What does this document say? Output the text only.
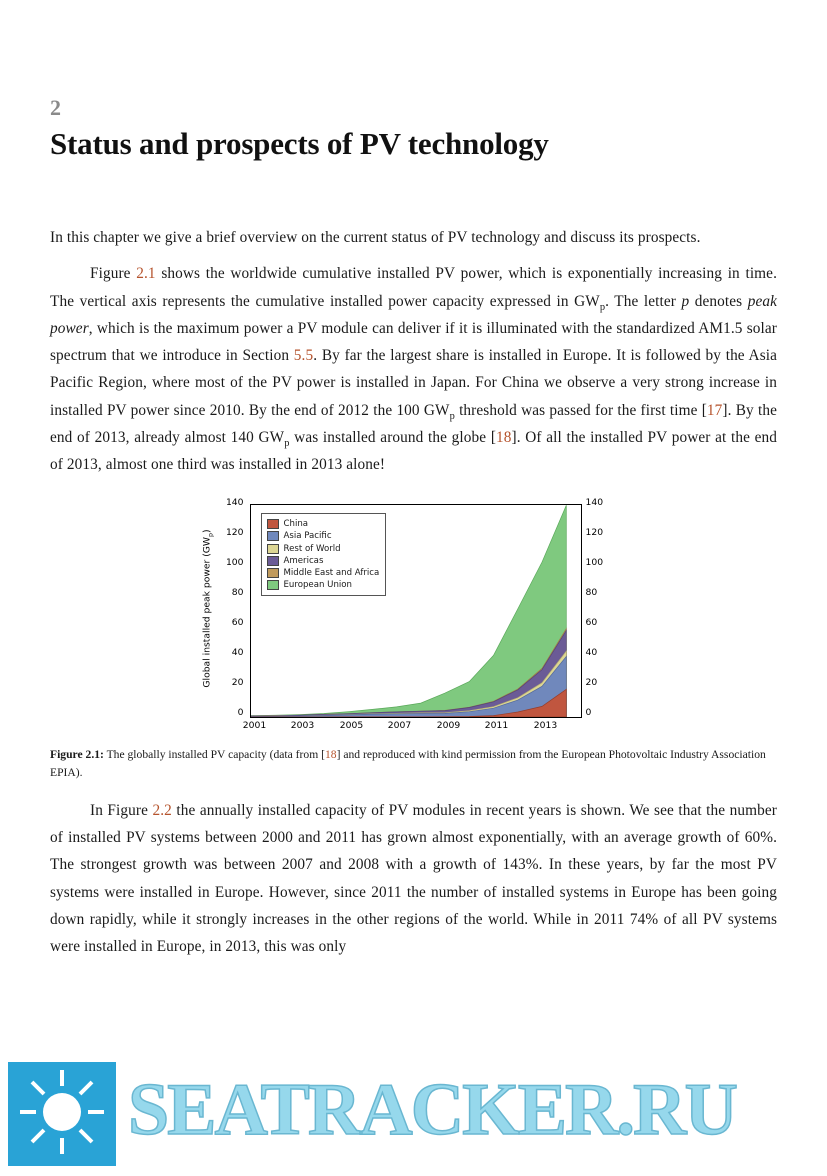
2
Status and prospects of PV technology

In this chapter we give a brief overview on the current status of PV technology and discuss its prospects.

Figure 2.1 shows the worldwide cumulative installed PV power, which is exponentially increasing in time. The vertical axis represents the cumulative installed power capacity expressed in $GW_p$. The letter p denotes peak power, which is the maximum power a PV module can deliver if it is illuminated with the standardized AM1.5 solar spectrum that we introduce in Section 5.5. By far the largest share is installed in Europe. It is followed by the Asia Pacific Region, where most of the PV power is installed in Japan. For China we observe a very strong increase in installed PV power since 2010. By the end of 2012 the 100 $GW_p$ threshold was passed for the first time [17]. By the end of 2013, already almost 140 $GW_p$ was installed around the globe [18]. Of all the installed PV power at the end of 2013, almost one third was installed in 2013 alone!

Global installed peak power $(GW_p)$
140
120
100
80
60
40
20
0
140
120
100
80
60
40
20
0
China
Asia Pacific
Rest of World
Americas
Middle East and Africa
European Union
2001	2003	2005	2007	2009	2011	2013
Figure 2.1: The globally installed PV capacity (data from [18] and reproduced with kind permission from the European Photovoltaic Industry Association EPIA).

In Figure 2.2 the annually installed capacity of PV modules in recent years is shown. We see that the number of installed PV systems between 2000 and 2011 has grown almost exponentially, with an average growth of 60%. The strongest growth was between 2007 and 2008 with a growth of 143%. In these years, by far the most PV systems were installed in Europe. However, since 2011 the number of installed systems in Europe has been going down rapidly, while it strongly increases in the other regions of the world. While in 2011 74% of all PV systems were installed in Europe, in 2013, this was only

SEATRACKER.RU
